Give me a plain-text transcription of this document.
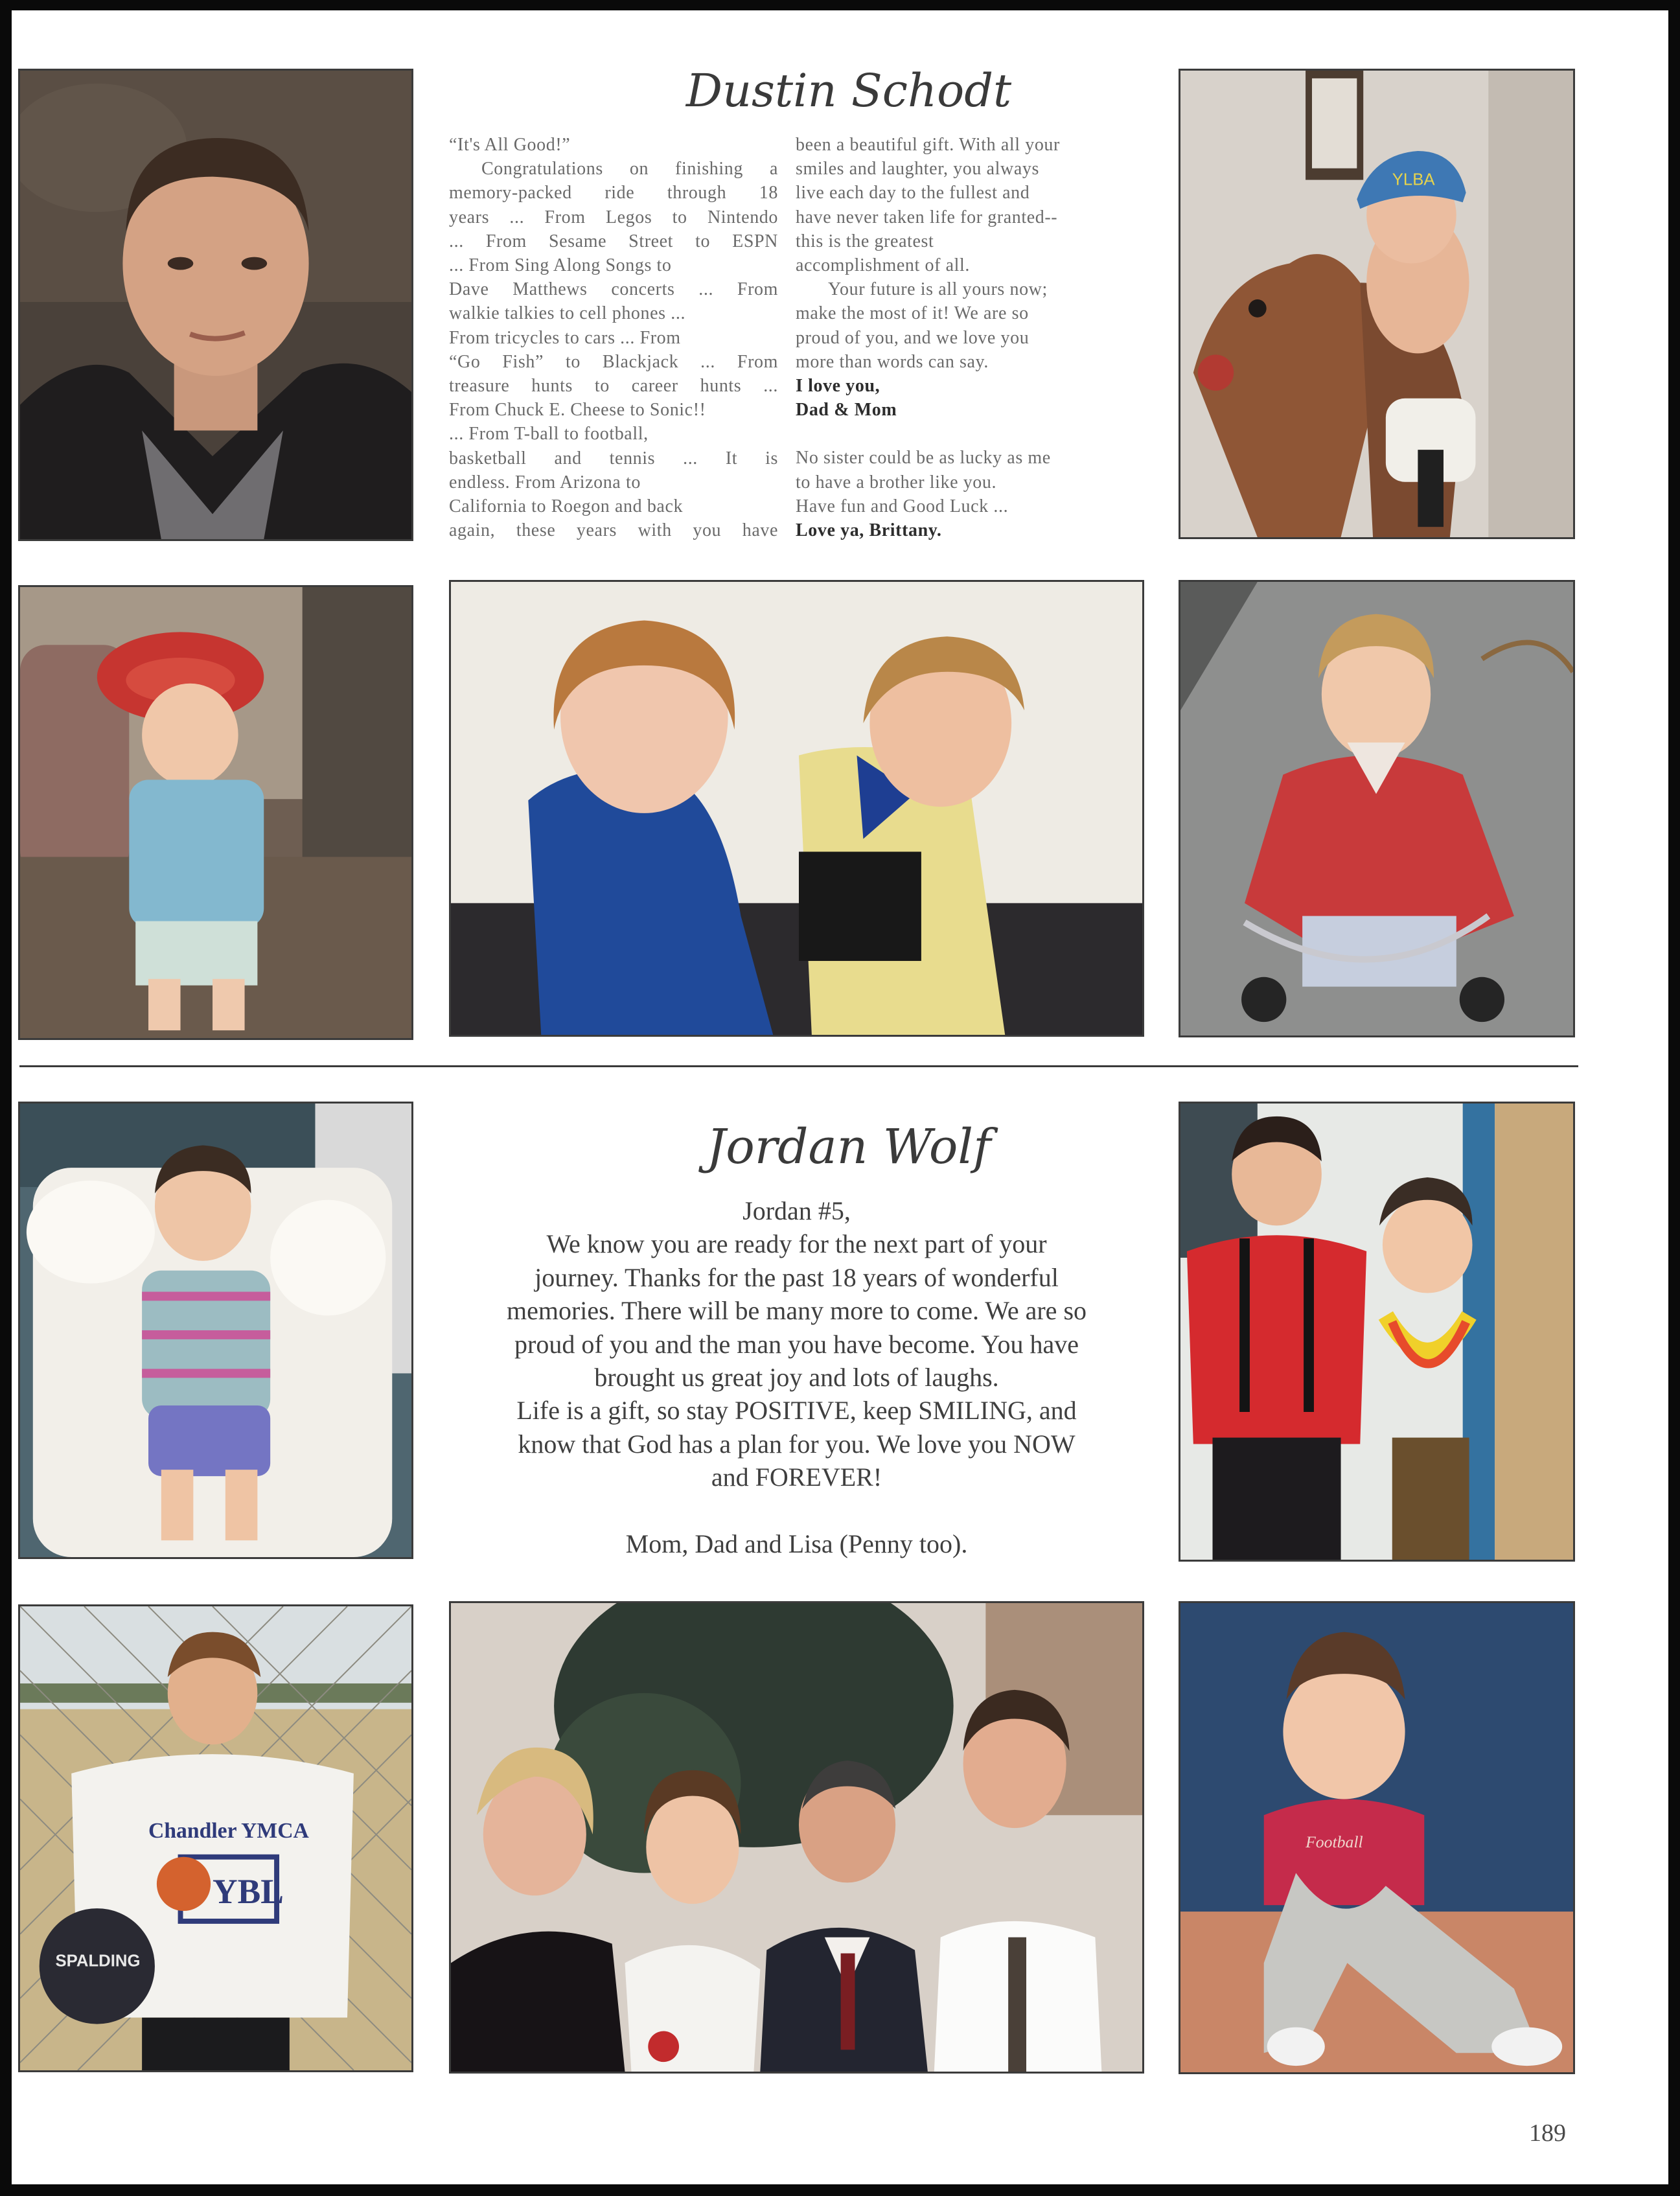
Dustin Schodt
“It's All Good!”
Congratulations on finishing a
memory-packed ride through 18
years ... From Legos to Nintendo
... From Sesame Street to ESPN
... From Sing Along Songs to
Dave Matthews concerts ... From
walkie talkies to cell phones ...
From tricycles to cars ... From
“Go Fish” to Blackjack ... From
treasure hunts to career hunts ...
From Chuck E. Cheese to Sonic!!
... From T-ball to football,
basketball and tennis ... It is
endless. From Arizona to
California to Roegon and back
again, these years with you have
been a beautiful gift. With all your
smiles and laughter, you always
live each day to the fullest and
have never taken life for granted--
this is the greatest
accomplishment of all.
Your future is all yours now;
make the most of it! We are so
proud of you, and we love you
more than words can say.
I love you,
Dad & Mom
No sister could be as lucky as me
to have a brother like you.
Have fun and Good Luck ...
Love ya, Brittany.
YLBA
Jordan Wolf
Jordan #5,
We know you are ready for the next part of your
journey. Thanks for the past 18 years of wonderful
memories. There will be many more to come. We are so
proud of you and the man you have become. You have
brought us great joy and lots of laughs.
Life is a gift, so stay POSITIVE, keep SMILING, and
know that God has a plan for you. We love you NOW
and FOREVER!
Mom, Dad and Lisa (Penny too).
Chandler YMCA
YBL
SPALDING
Football
189
